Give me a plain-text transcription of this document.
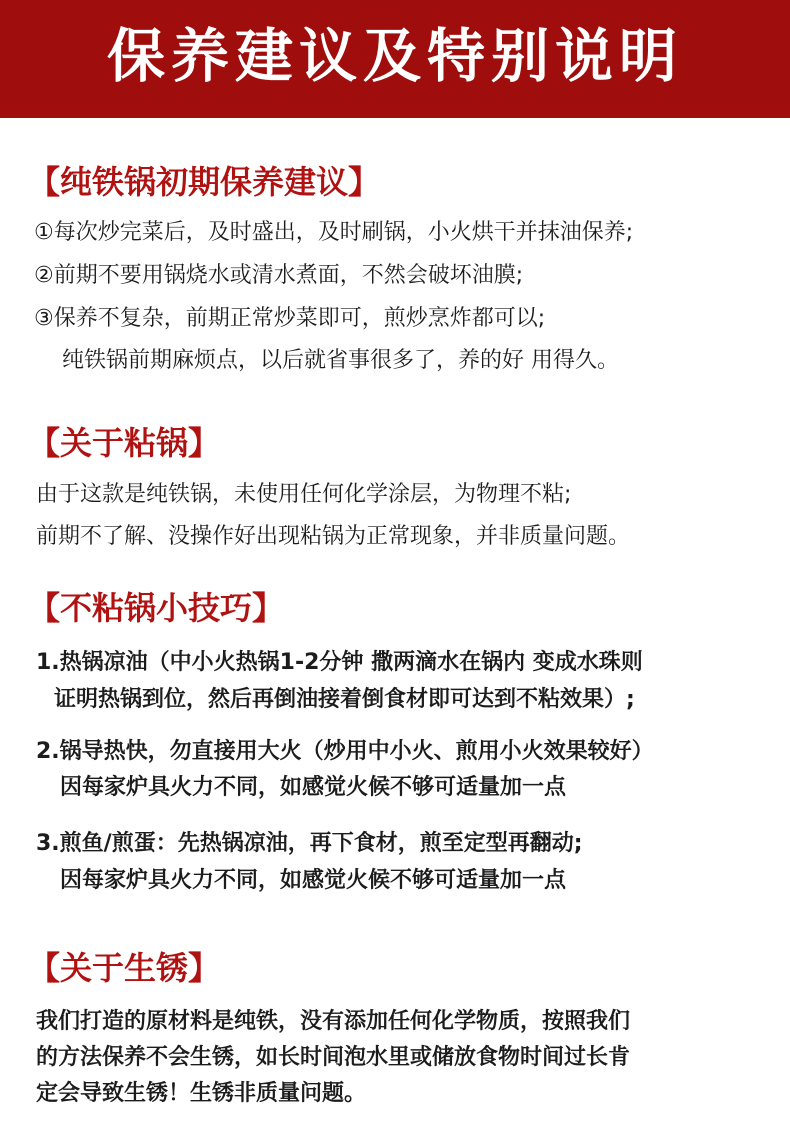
保养建议及特别说明
【纯铁锅初期保养建议】
①每次炒完菜后，及时盛出，及时刷锅，小火烘干并抹油保养;
②前期不要用锅烧水或清水煮面，不然会破坏油膜;
③保养不复杂，前期正常炒菜即可，煎炒烹炸都可以;
纯铁锅前期麻烦点，以后就省事很多了，养的好 用得久。
【关于粘锅】
由于这款是纯铁锅，未使用任何化学涂层，为物理不粘;
前期不了解、没操作好出现粘锅为正常现象，并非质量问题。
【不粘锅小技巧】
1.热锅凉油（中小火热锅1-2分钟 撒两滴水在锅内 变成水珠则
证明热锅到位，然后再倒油接着倒食材即可达到不粘效果）;
2.锅导热快，勿直接用大火（炒用中小火、煎用小火效果较好）
因每家炉具火力不同，如感觉火候不够可适量加一点
3.煎鱼/煎蛋：先热锅凉油，再下食材，煎至定型再翻动;
因每家炉具火力不同，如感觉火候不够可适量加一点
【关于生锈】
我们打造的原材料是纯铁，没有添加任何化学物质，按照我们
的方法保养不会生锈，如长时间泡水里或储放食物时间过长肯
定会导致生锈！生锈非质量问题。
